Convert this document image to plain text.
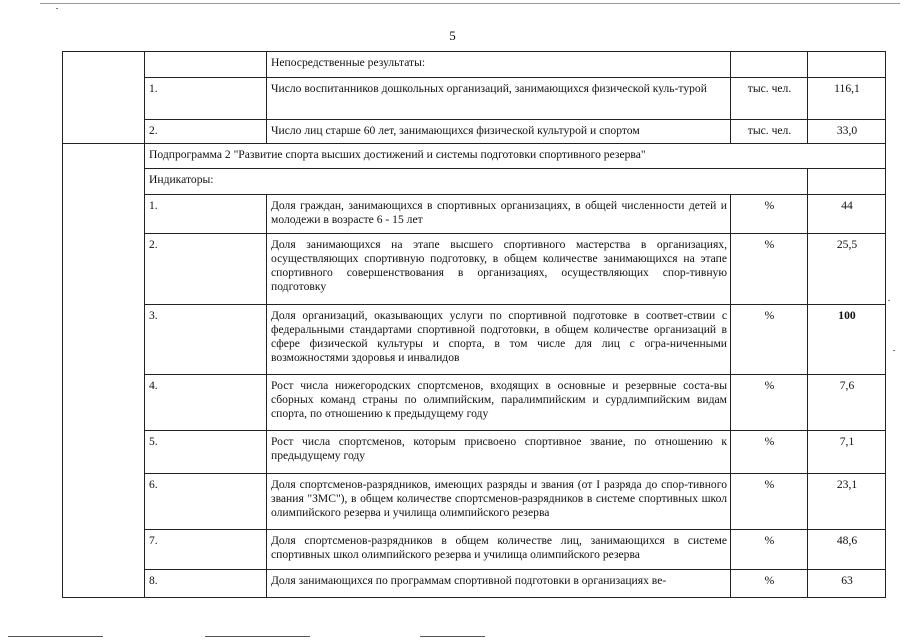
5
		Непосредственные результаты:		
	1.	Число воспитанников дошкольных организаций, занимающихся физической куль-турой	тыс. чел.	116,1
	2.	Число лиц старше 60 лет, занимающихся физической культурой и спортом	тыс. чел.	33,0
	Подпрограмма 2 "Развитие спорта высших достижений и системы подготовки спортивного резерва"			
	Индикаторы:			
	1.	Доля граждан, занимающихся в спортивных организациях, в общей численности детей и молодежи в возрасте 6 - 15 лет	%	44
	2.	Доля занимающихся на этапе высшего спортивного мастерства в организациях, осуществляющих спортивную подготовку, в общем количестве занимающихся на этапе спортивного совершенствования в организациях, осуществляющих спор-тивную подготовку	%	25,5
	3.	Доля организаций, оказывающих услуги по спортивной подготовке в соответ-ствии с федеральными стандартами спортивной подготовки, в общем количестве организаций в сфере физической культуры и спорта, в том числе для лиц с огра-ниченными возможностями здоровья и инвалидов	%	100
	4.	Рост числа нижегородских спортсменов, входящих в основные и резервные соста-вы сборных команд страны по олимпийским, паралимпийским и сурдлимпийским видам спорта, по отношению к предыдущему году	%	7,6
	5.	Рост числа спортсменов, которым присвоено спортивное звание, по отношению к предыдущему году	%	7,1
	6.	Доля спортсменов-разрядников, имеющих разряды и звания (от I разряда до спор-тивного звания "ЗМС"), в общем количестве спортсменов-разрядников в системе спортивных школ олимпийского резерва и училища олимпийского резерва	%	23,1
	7.	Доля спортсменов-разрядников в общем количестве лиц, занимающихся в системе спортивных школ олимпийского резерва и училища олимпийского резерва	%	48,6
	8.	Доля занимающихся по программам спортивной подготовки в организациях ве-	%	63
